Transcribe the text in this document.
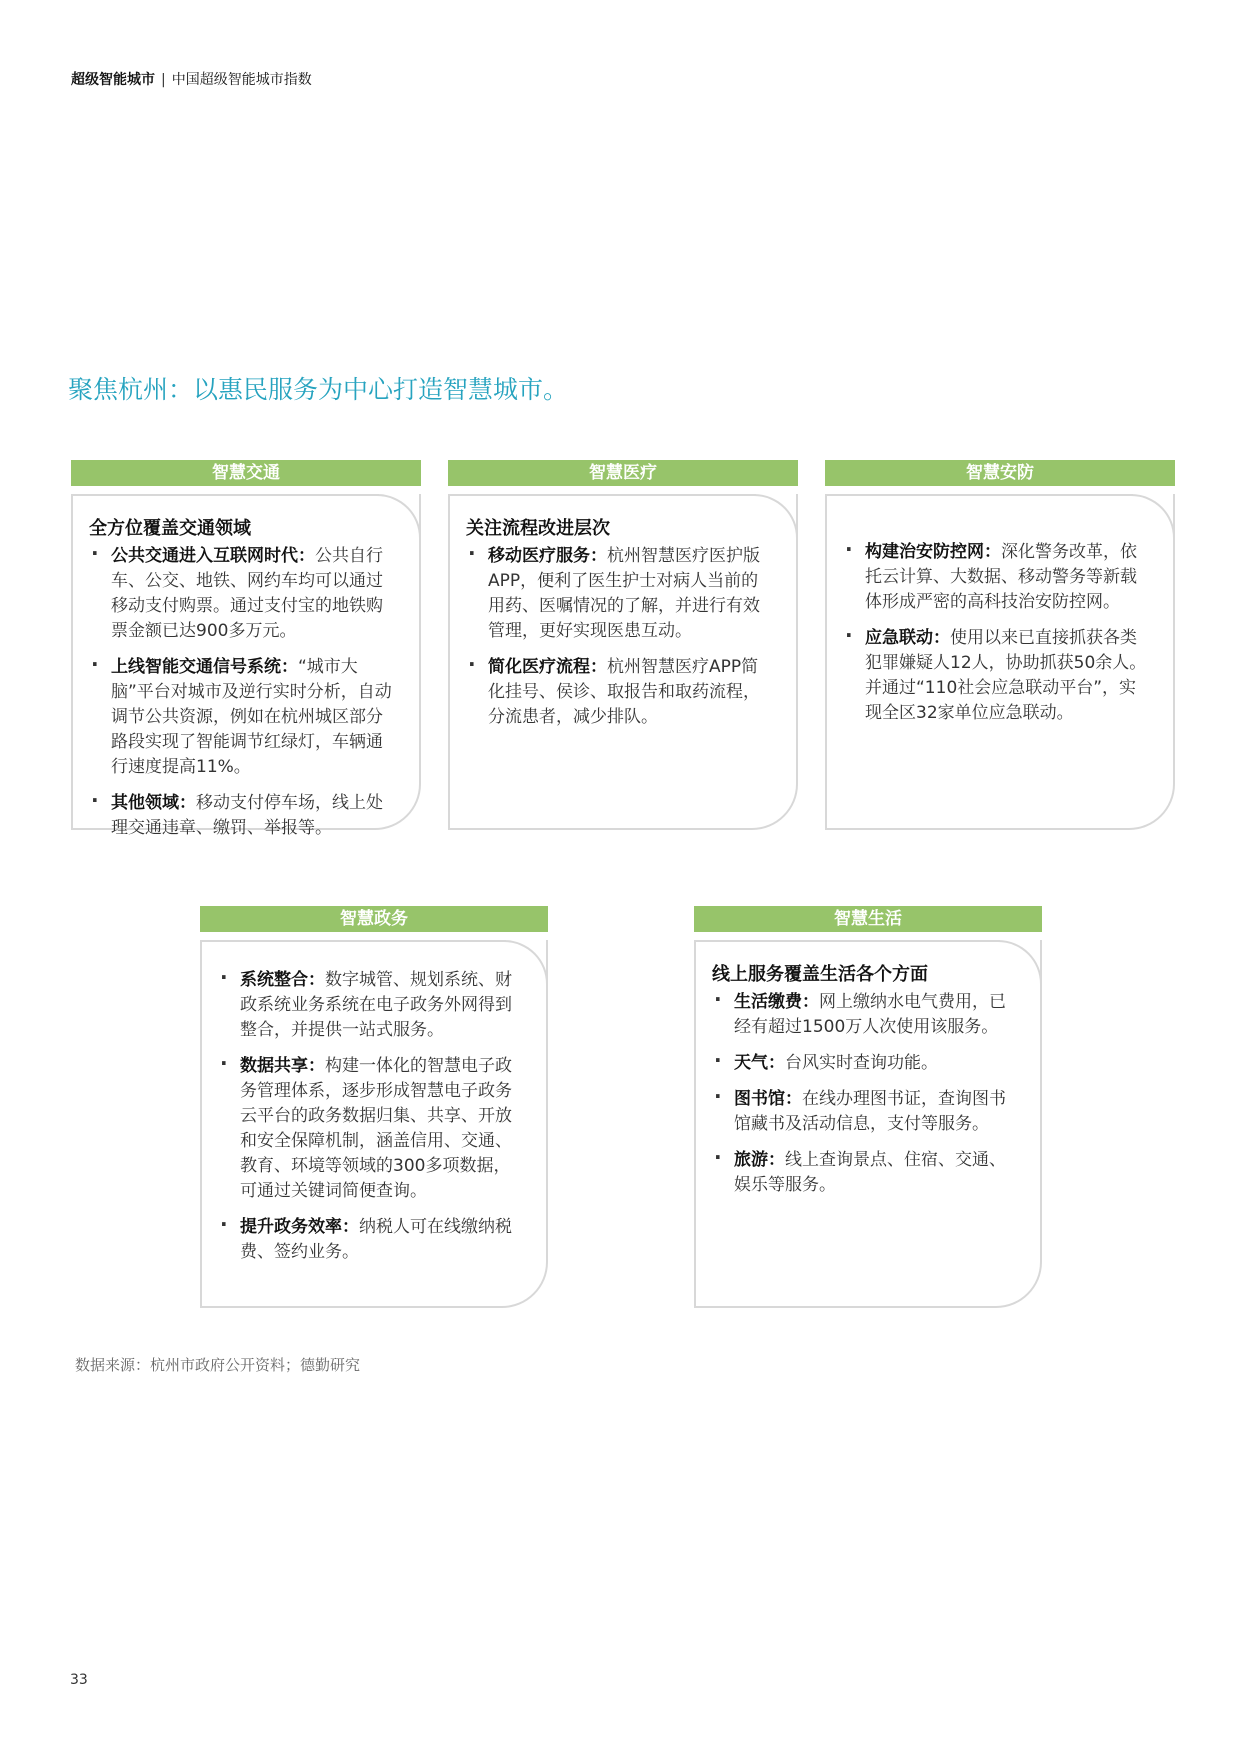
超级智能城市 | 中国超级智能城市指数
聚焦杭州：以惠民服务为中心打造智慧城市。
智慧交通
全方位覆盖交通领域
· 公共交通进入互联网时代：公共自行车、公交、地铁、网约车均可以通过移动支付购票。通过支付宝的地铁购票金额已达900多万元。
· 上线智能交通信号系统：“城市大脑”平台对城市及逆行实时分析，自动调节公共资源，例如在杭州城区部分路段实现了智能调节红绿灯，车辆通行速度提高11%。
· 其他领域：移动支付停车场，线上处理交通违章、缴罚、举报等。
智慧医疗
关注流程改进层次
· 移动医疗服务：杭州智慧医疗医护版APP，便利了医生护士对病人当前的用药、医嘱情况的了解，并进行有效管理，更好实现医患互动。
· 简化医疗流程：杭州智慧医疗APP简化挂号、侯诊、取报告和取药流程，分流患者，减少排队。
智慧安防
· 构建治安防控网：深化警务改革，依托云计算、大数据、移动警务等新载体形成严密的高科技治安防控网。
· 应急联动：使用以来已直接抓获各类犯罪嫌疑人12人，协助抓获50余人。并通过“110社会应急联动平台”，实现全区32家单位应急联动。
智慧政务
· 系统整合：数字城管、规划系统、财政系统业务系统在电子政务外网得到整合，并提供一站式服务。
· 数据共享：构建一体化的智慧电子政务管理体系，逐步形成智慧电子政务云平台的政务数据归集、共享、开放和安全保障机制，涵盖信用、交通、教育、环境等领域的300多项数据，可通过关键词简便查询。
· 提升政务效率：纳税人可在线缴纳税费、签约业务。
智慧生活
线上服务覆盖生活各个方面
· 生活缴费：网上缴纳水电气费用，已经有超过1500万人次使用该服务。
· 天气：台风实时查询功能。
· 图书馆：在线办理图书证，查询图书馆藏书及活动信息，支付等服务。
· 旅游：线上查询景点、住宿、交通、娱乐等服务。
数据来源：杭州市政府公开资料；德勤研究
33
